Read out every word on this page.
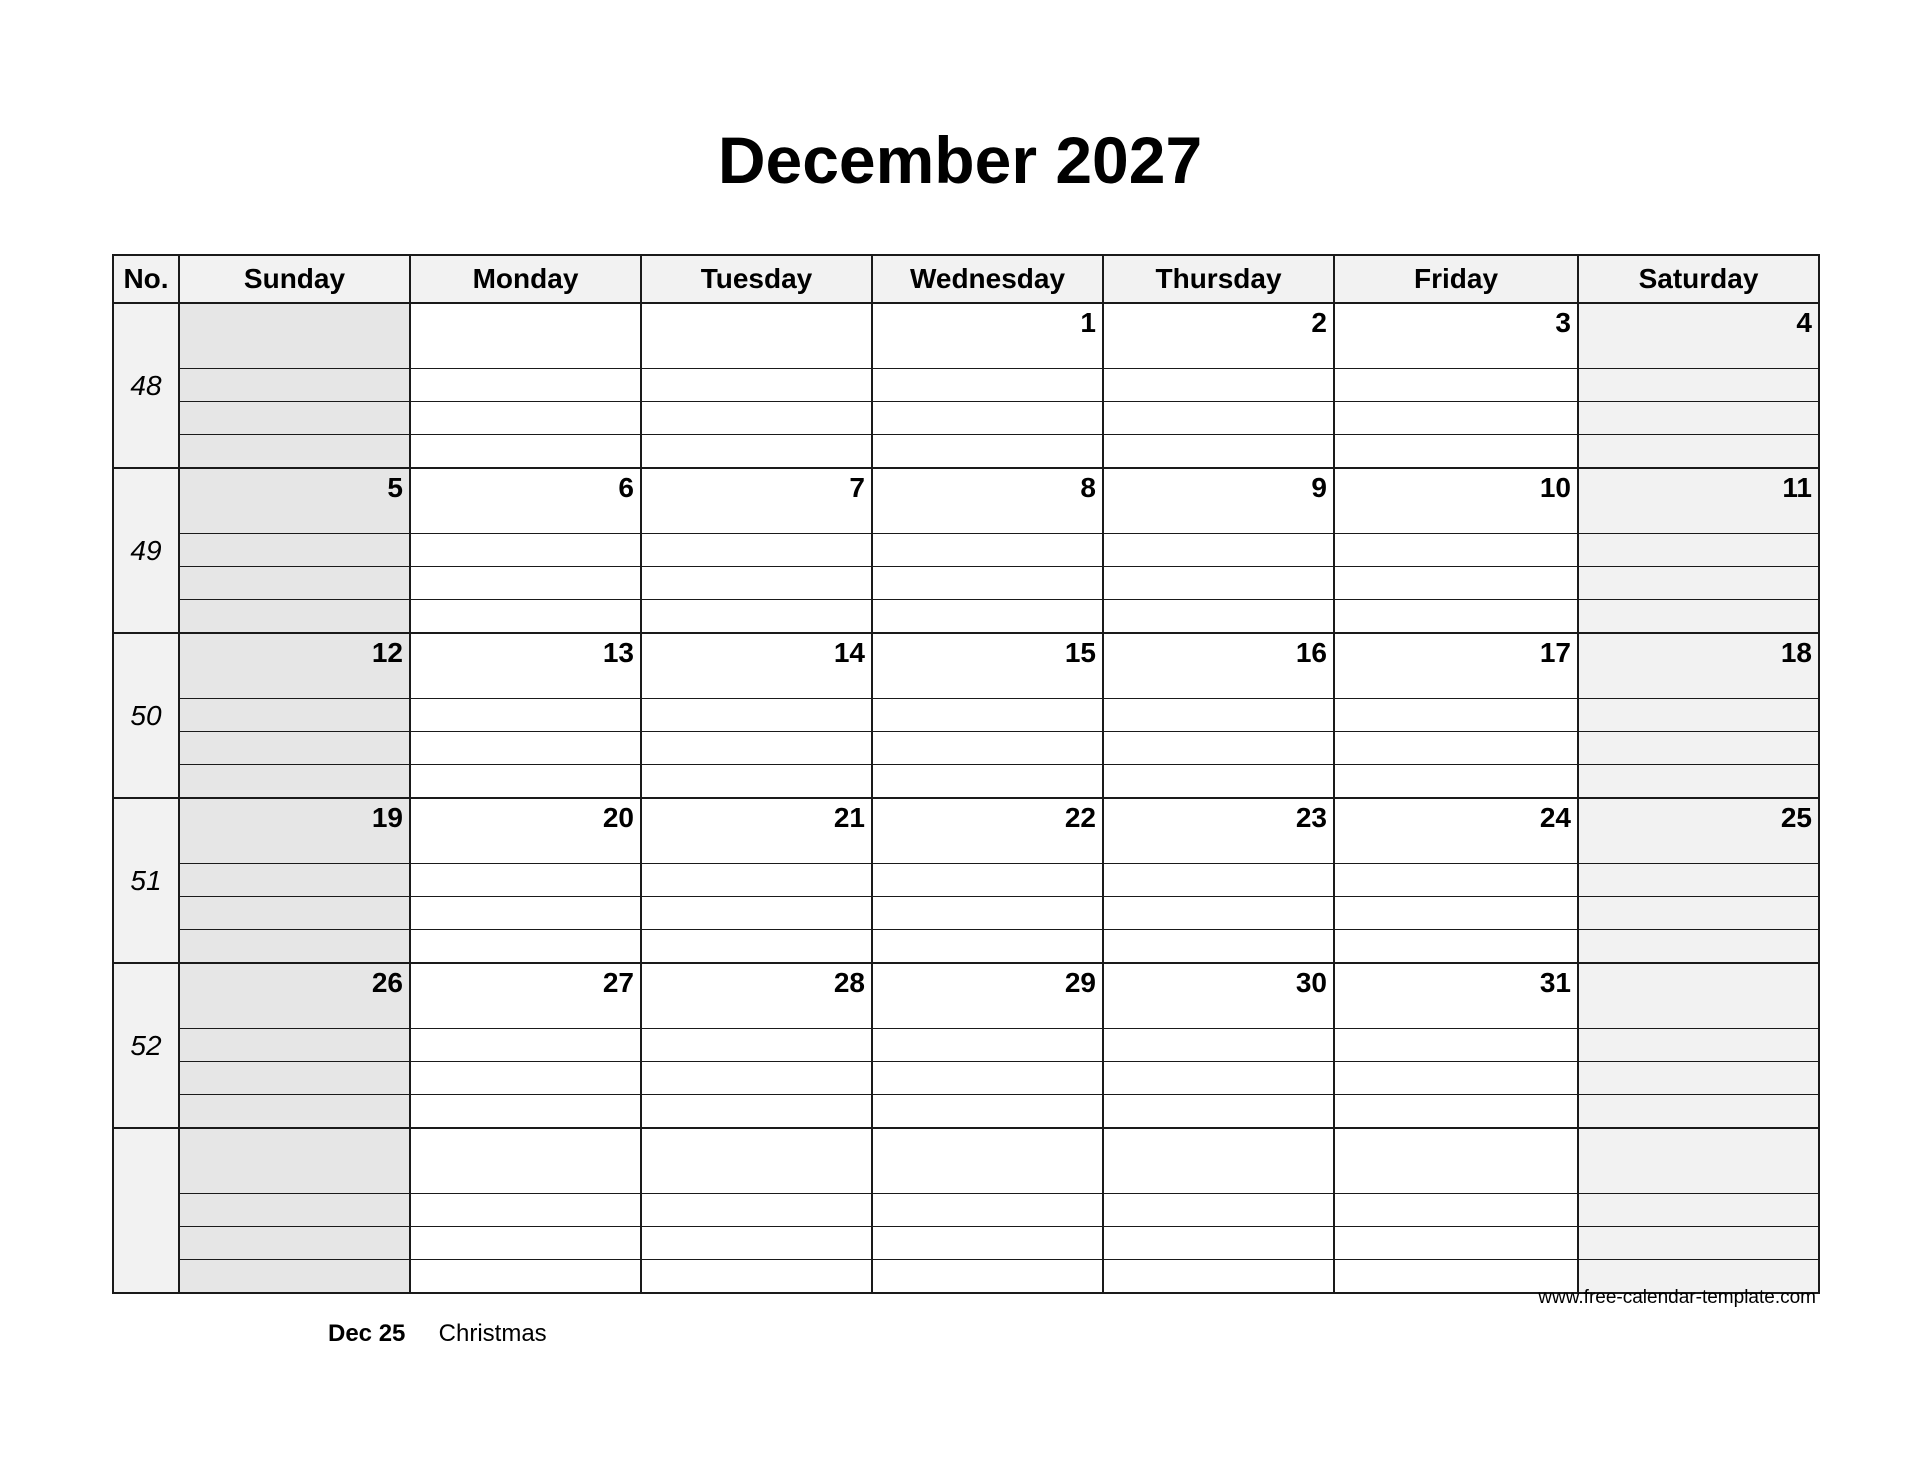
December 2027
No.	Sunday	Monday	Tuesday	Wednesday	Thursday	Friday	Saturday
48				1	2	3	4

49	5	6	7	8	9	10	11

50	12	13	14	15	16	17	18

51	19	20	21	22	23	24	25

52	26	27	28	29	30	31	

www.free-calendar-template.com
Dec 25 Christmas
